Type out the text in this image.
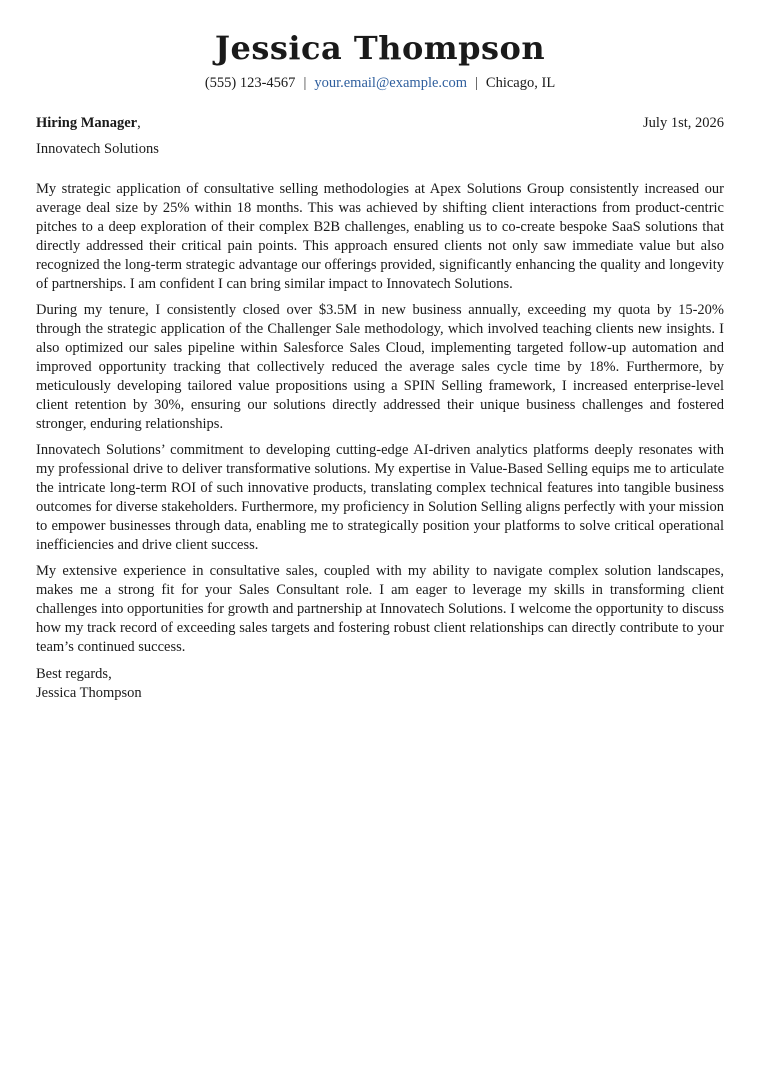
Jessica Thompson
(555) 123-4567 | your.email@example.com | Chicago, IL
Hiring Manager,	July 1st, 2026
Innovatech Solutions

My strategic application of consultative selling methodologies at Apex Solutions Group consistently increased our average deal size by 25% within 18 months. This was achieved by shifting client interactions from product-centric pitches to a deep exploration of their complex B2B challenges, enabling us to co-create bespoke SaaS solutions that directly addressed their critical pain points. This approach ensured clients not only saw immediate value but also recognized the long-term strategic advantage our offerings provided, significantly enhancing the quality and longevity of partnerships. I am confident I can bring similar impact to Innovatech Solutions.

During my tenure, I consistently closed over $3.5M in new business annually, exceeding my quota by 15-20% through the strategic application of the Challenger Sale methodology, which involved teaching clients new insights. I also optimized our sales pipeline within Salesforce Sales Cloud, implementing targeted follow-up automation and improved opportunity tracking that collectively reduced the average sales cycle time by 18%. Furthermore, by meticulously developing tailored value propositions using a SPIN Selling framework, I increased enterprise-level client retention by 30%, ensuring our solutions directly addressed their unique business challenges and fostered stronger, enduring relationships.

Innovatech Solutions’ commitment to developing cutting-edge AI-driven analytics platforms deeply resonates with my professional drive to deliver transformative solutions. My expertise in Value-Based Selling equips me to articulate the intricate long-term ROI of such innovative products, translating complex technical features into tangible business outcomes for diverse stakeholders. Furthermore, my proficiency in Solution Selling aligns perfectly with your mission to empower businesses through data, enabling me to strategically position your platforms to solve critical operational inefficiencies and drive client success.

My extensive experience in consultative sales, coupled with my ability to navigate complex solution landscapes, makes me a strong fit for your Sales Consultant role. I am eager to leverage my skills in transforming client challenges into opportunities for growth and partnership at Innovatech Solutions. I welcome the opportunity to discuss how my track record of exceeding sales targets and fostering robust client relationships can directly contribute to your team’s continued success.

Best regards,
Jessica Thompson
